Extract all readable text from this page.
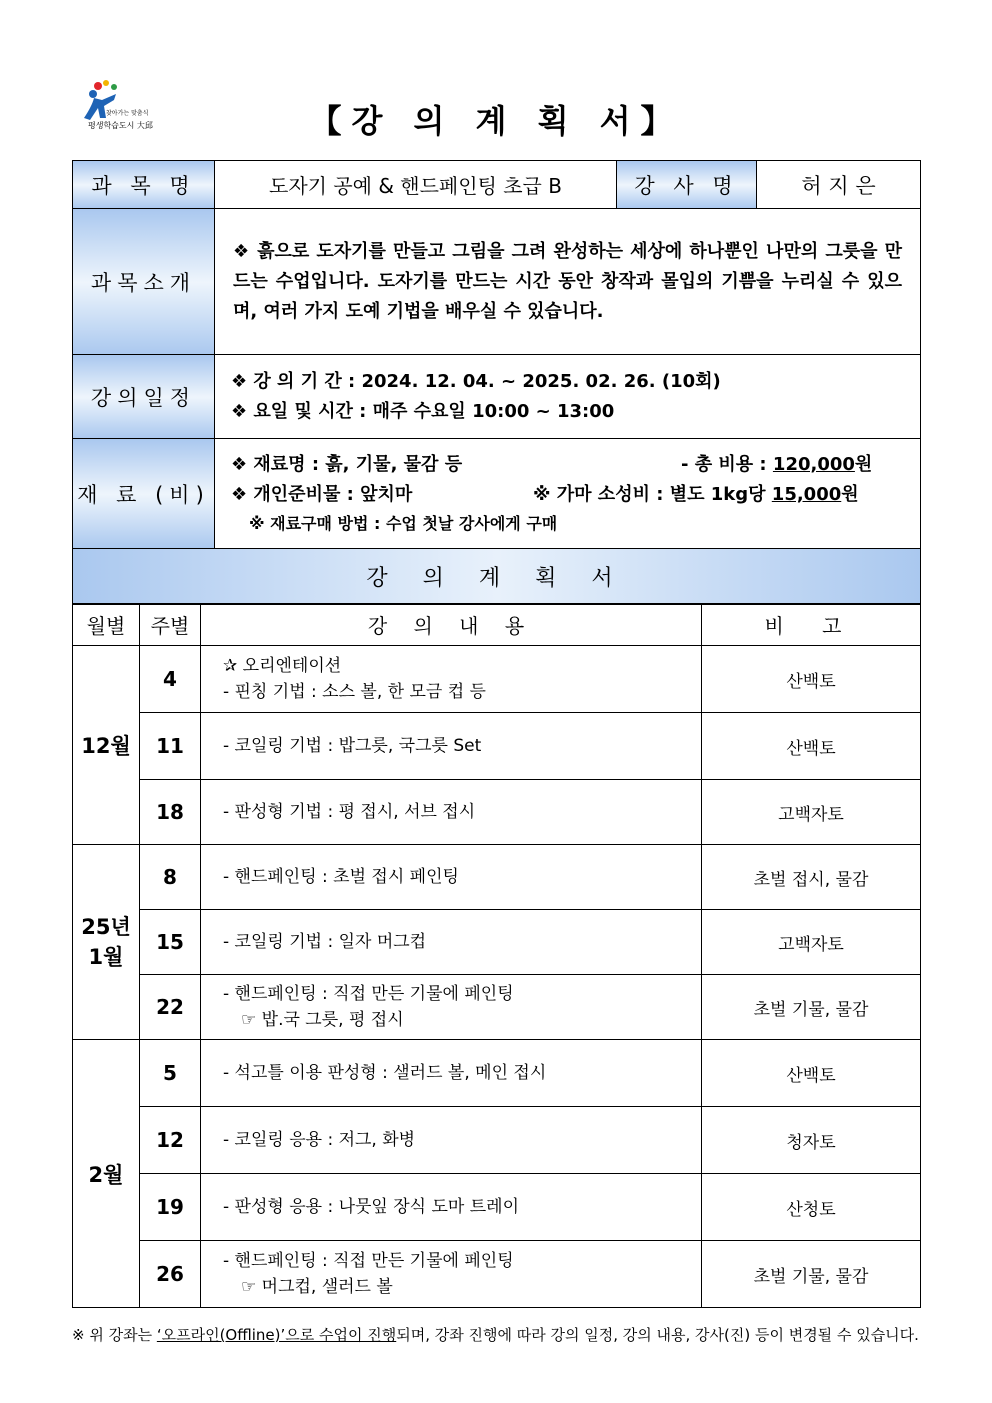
찾아가는 맞춤식
평생학습도시 大邱	【강 의 계 획 서】
과 목 명	도자기 공예 & 핸드페인팅 초급 B	강 사 명	허 지 은
과목소개	❖ 흙으로 도자기를 만들고 그림을 그려 완성하는 세상에 하나뿐인 나만의 그릇을 만드는 수업입니다. 도자기를 만드는 시간 동안 창작과 몰입의 기쁨을 누리실 수 있으며, 여러 가지 도예 기법을 배우실 수 있습니다.		
강의일정	❖ 강 의 기 간 : 2024. 12. 04. ~ 2025. 02. 26. (10회)
❖ 요일 및 시간 : 매주 수요일 10:00 ~ 13:00		

재 료 (비)	❖ 재료명 : 흙, 기물, 물감 등 - 총 비용 : 120,000원
❖ 개인준비물 : 앞치마 ※ 가마 소성비 : 별도 1kg당 15,000원
※ 재료구매 방법 : 수업 첫날 강사에게 구매		

강 의 계 획 서			
월별	주별	강 의 내 용	비 고
12월	4	✰ 오리엔테이션
- 핀칭 기법 : 소스 볼, 한 모금 컵 등	산백토
	11	- 코일링 기법 : 밥그릇, 국그릇 Set	산백토
	18	- 판성형 기법 : 평 접시, 서브 접시	고백자토
25년
1월	8	- 핸드페인팅 : 초벌 접시 페인팅	초벌 접시, 물감
	15	- 코일링 기법 : 일자 머그컵	고백자토
	22	- 핸드페인팅 : 직접 만든 기물에 페인팅
☞ 밥.국 그릇, 평 접시	초벌 기물, 물감
2월	5	- 석고틀 이용 판성형 : 샐러드 볼, 메인 접시	산백토
	12	- 코일링 응용 : 저그, 화병	청자토
	19	- 판성형 응용 : 나뭇잎 장식 도마 트레이	산청토
	26	- 핸드페인팅 : 직접 만든 기물에 페인팅
☞ 머그컵, 샐러드 볼	초벌 기물, 물감
※ 위 강좌는 ‘오프라인(Offline)’으로 수업이 진행되며, 강좌 진행에 따라 강의 일정, 강의 내용, 강사(진) 등이 변경될 수 있습니다.
